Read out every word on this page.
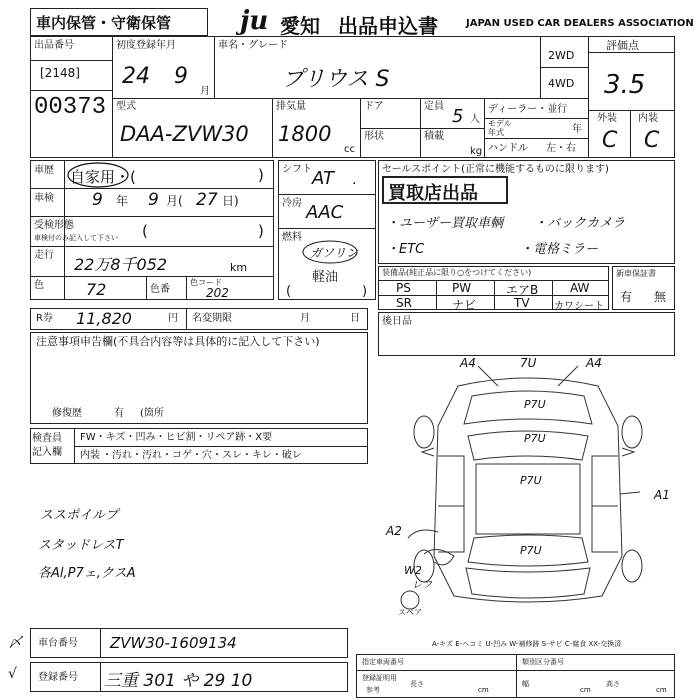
車内保管・守衛保管	ju 愛知 出品申込書	JAPAN USED CAR DEALERS ASSOCIATION
出品番号
[2148]
00373
初度登録年月
24 9
月
車名・グレード
プリウス S
2WD
4WD
評価点
3.5
外装 内装
C C
型式
DAA-ZVW30
排気量
1800
cc
ドア
形状
定員 5 人
積載
kg
ディーラー・並行
モデル
年式	年
ハンドル 左・右
車歴 自家用・(	)
車検 9 年 9 月( 27 日)
受検形態
車検付のみ記入して下さい (	)
走行 22万8千052	km
色	72	色番
色コード
202
シフト AT .
冷房 AAC
燃料
ガソリン
軽油
(	)
セールスポイント(正常に機能するものに限ります)
買取店出品
・ユーザー買取車輌 ・バックカメラ
・ETC	・電格ミラー
装備品(純正品に限り○をつけてください)
PS	PW	エアB	AW
SR	ナビ	TV カワシート
新車保証書
有 無
R券 11,820	円 名変期限	月	日 後日品
注意事項申告欄(不具合内容等は具体的に記入して下さい)
修復歴	有 (箇所
検査員
記入欄
FW・キズ・凹み・ヒビ割・リペア跡・X要
内装 ・汚れ・汚れ・コゲ・穴・スレ・キレ・破レ
ススポイルプ
スタッドレスT
各Al,P7ェ,クスA
A4	7U	A4
P7U
P7U
P7U
P7U
A1
A2
W2
レフ
スペア
A-キズ E-ヘコミ U-凹み W-補修跡 S-サビ C-腐食 XX-交換済
〆 車台番号 ZVW30-1609134
√ 登録番号 三重 301 や 29 10
指定車両番号
登録証明用
参考
長さ
cm
類別区分番号
幅
cm
高さ
cm
